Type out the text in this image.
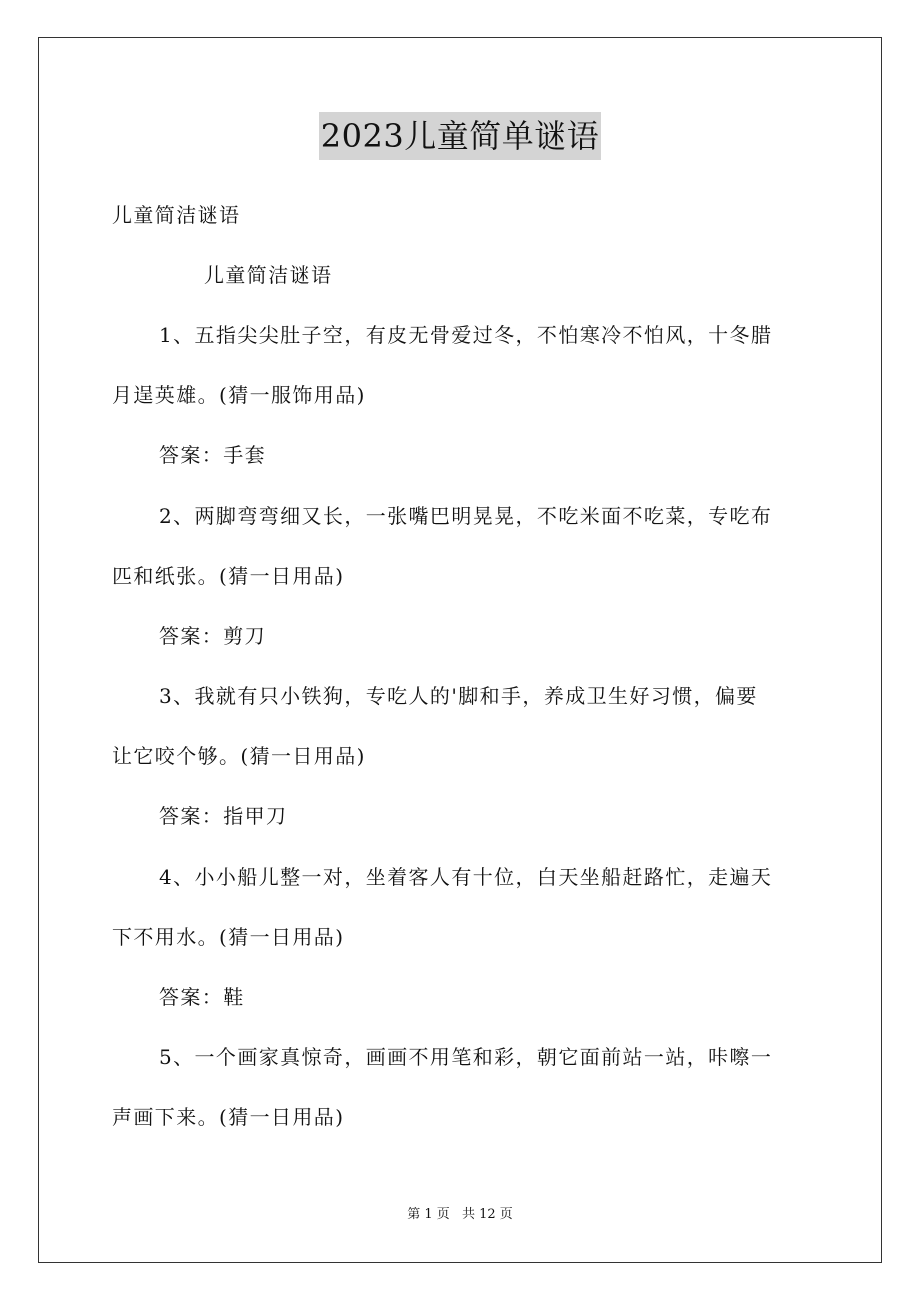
2023儿童简单谜语
儿童简洁谜语
儿童简洁谜语
1、五指尖尖肚子空，有皮无骨爱过冬，不怕寒冷不怕风，十冬腊
月逞英雄。(猜一服饰用品)
答案：手套
2、两脚弯弯细又长，一张嘴巴明晃晃，不吃米面不吃菜，专吃布
匹和纸张。(猜一日用品)
答案：剪刀
3、我就有只小铁狗，专吃人的'脚和手，养成卫生好习惯，偏要
让它咬个够。(猜一日用品)
答案：指甲刀
4、小小船儿整一对，坐着客人有十位，白天坐船赶路忙，走遍天
下不用水。(猜一日用品)
答案：鞋
5、一个画家真惊奇，画画不用笔和彩，朝它面前站一站，咔嚓一
声画下来。(猜一日用品)
第 1 页 共 12 页
